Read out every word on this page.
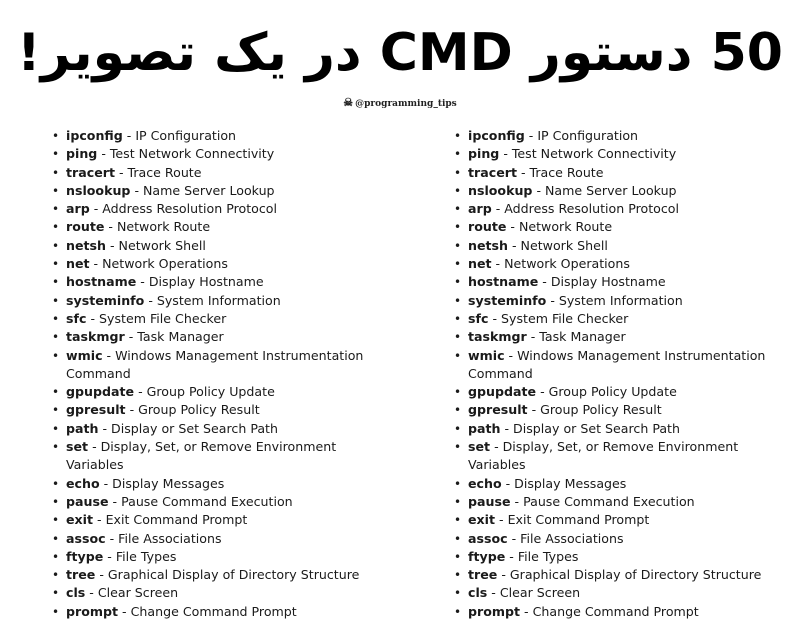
50 دستور CMD در یک تصویر!
☠ @programming_tips
• ipconfig - IP Configuration
• ping - Test Network Connectivity
• tracert - Trace Route
• nslookup - Name Server Lookup
• arp - Address Resolution Protocol
• route - Network Route
• netsh - Network Shell
• net - Network Operations
• hostname - Display Hostname
• systeminfo - System Information
• sfc - System File Checker
• taskmgr - Task Manager
• wmic - Windows Management Instrumentation Command
• gpupdate - Group Policy Update
• gpresult - Group Policy Result
• path - Display or Set Search Path
• set - Display, Set, or Remove Environment Variables
• echo - Display Messages
• pause - Pause Command Execution
• exit - Exit Command Prompt
• assoc - File Associations
• ftype - File Types
• tree - Graphical Display of Directory Structure
• cls - Clear Screen
• prompt - Change Command Prompt
• ipconfig - IP Configuration
• ping - Test Network Connectivity
• tracert - Trace Route
• nslookup - Name Server Lookup
• arp - Address Resolution Protocol
• route - Network Route
• netsh - Network Shell
• net - Network Operations
• hostname - Display Hostname
• systeminfo - System Information
• sfc - System File Checker
• taskmgr - Task Manager
• wmic - Windows Management Instrumentation Command
• gpupdate - Group Policy Update
• gpresult - Group Policy Result
• path - Display or Set Search Path
• set - Display, Set, or Remove Environment Variables
• echo - Display Messages
• pause - Pause Command Execution
• exit - Exit Command Prompt
• assoc - File Associations
• ftype - File Types
• tree - Graphical Display of Directory Structure
• cls - Clear Screen
• prompt - Change Command Prompt
